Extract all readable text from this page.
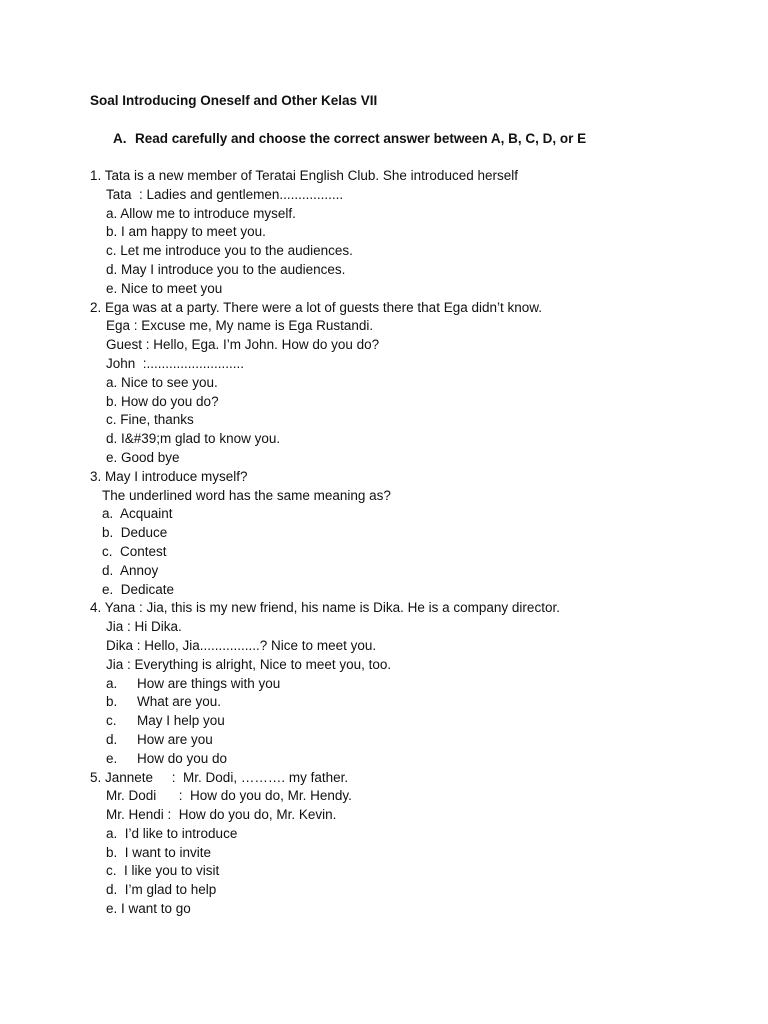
Soal Introducing Oneself and Other Kelas VII
A. Read carefully and choose the correct answer between A, B, C, D, or E
1. Tata is a new member of Teratai English Club. She introduced herself
Tata  : Ladies and gentlemen.................
a. Allow me to introduce myself.
b. I am happy to meet you.
c. Let me introduce you to the audiences.
d. May I introduce you to the audiences.
e. Nice to meet you
2. Ega was at a party. There were a lot of guests there that Ega didn’t know.
Ega : Excuse me, My name is Ega Rustandi.
Guest : Hello, Ega. I’m John. How do you do?
John  :..........................
a. Nice to see you.
b. How do you do?
c. Fine, thanks
d. I&#39;m glad to know you.
e. Good bye
3. May I introduce myself?
The underlined word has the same meaning as?
a.  Acquaint
b.  Deduce
c.  Contest
d.  Annoy
e.  Dedicate
4. Yana : Jia, this is my new friend, his name is Dika. He is a company director.
Jia : Hi Dika.
Dika : Hello, Jia................? Nice to meet you.
Jia : Everything is alright, Nice to meet you, too.
a. How are things with you
b. What are you.
c. May I help you
d. How are you
e. How do you do
5. Jannete     :  Mr. Dodi, ………. my father.
Mr. Dodi      :  How do you do, Mr. Hendy.
Mr. Hendi :  How do you do, Mr. Kevin.
a.  I’d like to introduce
b.  I want to invite
c.  I like you to visit
d.  I’m glad to help
e. I want to go
